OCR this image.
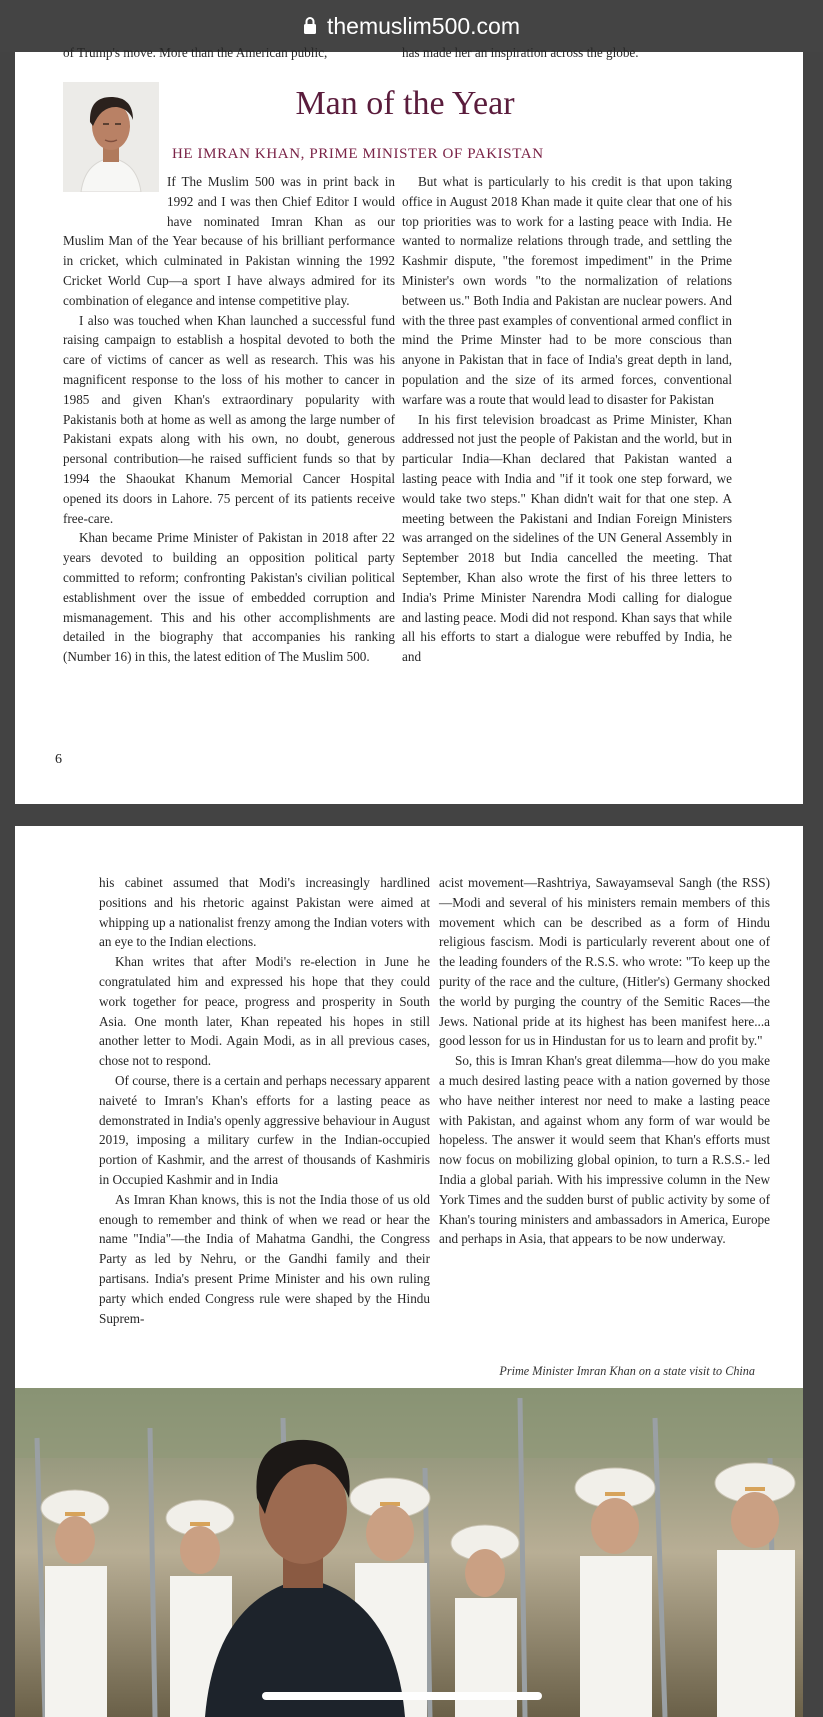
themuslim500.com
of Trump's move. More than the American public,	has made her an inspiration across the globe.
Man of the Year
HE IMRAN KHAN, PRIME MINISTER OF PAKISTAN

If The Muslim 500 was in print back in 1992 and I was then Chief Editor I would have nominated Imran Khan as our Muslim Man of the Year because of his brilliant performance in cricket, which culminated in Pakistan winning the 1992 Cricket World Cup—a sport I have always admired for its combination of elegance and intense competitive play.

I also was touched when Khan launched a successful fund raising campaign to establish a hospital devoted to both the care of victims of cancer as well as research. This was his magnificent response to the loss of his mother to cancer in 1985 and given Khan's extraordinary popularity with Pakistanis both at home as well as among the large number of Pakistani expats along with his own, no doubt, generous personal contribution—he raised sufficient funds so that by 1994 the Shaoukat Khanum Memorial Cancer Hospital opened its doors in Lahore. 75 percent of its patients receive free-care.

Khan became Prime Minister of Pakistan in 2018 after 22 years devoted to building an opposition political party committed to reform; confronting Pakistan's civilian political establishment over the issue of embedded corruption and mismanagement. This and his other accomplishments are detailed in the biography that accompanies his ranking (Number 16) in this, the latest edition of The Muslim 500.

But what is particularly to his credit is that upon taking office in August 2018 Khan made it quite clear that one of his top priorities was to work for a lasting peace with India. He wanted to normalize relations through trade, and settling the Kashmir dispute, "the foremost impediment" in the Prime Minister's own words "to the normalization of relations between us." Both India and Pakistan are nuclear powers. And with the three past examples of conventional armed conflict in mind the Prime Minster had to be more conscious than anyone in Pakistan that in face of India's great depth in land, population and the size of its armed forces, conventional warfare was a route that would lead to disaster for Pakistan

In his first television broadcast as Prime Minister, Khan addressed not just the people of Pakistan and the world, but in particular India—Khan declared that Pakistan wanted a lasting peace with India and "if it took one step forward, we would take two steps." Khan didn't wait for that one step. A meeting between the Pakistani and Indian Foreign Ministers was arranged on the sidelines of the UN General Assembly in September 2018 but India cancelled the meeting. That September, Khan also wrote the first of his three letters to India's Prime Minister Narendra Modi calling for dialogue and lasting peace. Modi did not respond. Khan says that while all his efforts to start a dialogue were rebuffed by India, he and

6

his cabinet assumed that Modi's increasingly hardlined positions and his rhetoric against Pakistan were aimed at whipping up a nationalist frenzy among the Indian voters with an eye to the Indian elections.

Khan writes that after Modi's re-election in June he congratulated him and expressed his hope that they could work together for peace, progress and prosperity in South Asia. One month later, Khan repeated his hopes in still another letter to Modi. Again Modi, as in all previous cases, chose not to respond.

Of course, there is a certain and perhaps necessary apparent naiveté to Imran's Khan's efforts for a lasting peace as demonstrated in India's openly aggressive behaviour in August 2019, imposing a military curfew in the Indian-occupied portion of Kashmir, and the arrest of thousands of Kashmiris in Occupied Kashmir and in India

As Imran Khan knows, this is not the India those of us old enough to remember and think of when we read or hear the name "India"—the India of Mahatma Gandhi, the Congress Party as led by Nehru, or the Gandhi family and their partisans. India's present Prime Minister and his own ruling party which ended Congress rule were shaped by the Hindu Suprem-

acist movement—Rashtriya, Sawayamseval Sangh (the RSS)—Modi and several of his ministers remain members of this movement which can be described as a form of Hindu religious fascism. Modi is particularly reverent about one of the leading founders of the R.S.S. who wrote: "To keep up the purity of the race and the culture, (Hitler's) Germany shocked the world by purging the country of the Semitic Races—the Jews. National pride at its highest has been manifest here...a good lesson for us in Hindustan for us to learn and profit by."

So, this is Imran Khan's great dilemma—how do you make a much desired lasting peace with a nation governed by those who have neither interest nor need to make a lasting peace with Pakistan, and against whom any form of war would be hopeless. The answer it would seem that Khan's efforts must now focus on mobilizing global opinion, to turn a R.S.S.- led India a global pariah. With his impressive column in the New York Times and the sudden burst of public activity by some of Khan's touring ministers and ambassadors in America, Europe and perhaps in Asia, that appears to be now underway.

Prime Minister Imran Khan on a state visit to China
